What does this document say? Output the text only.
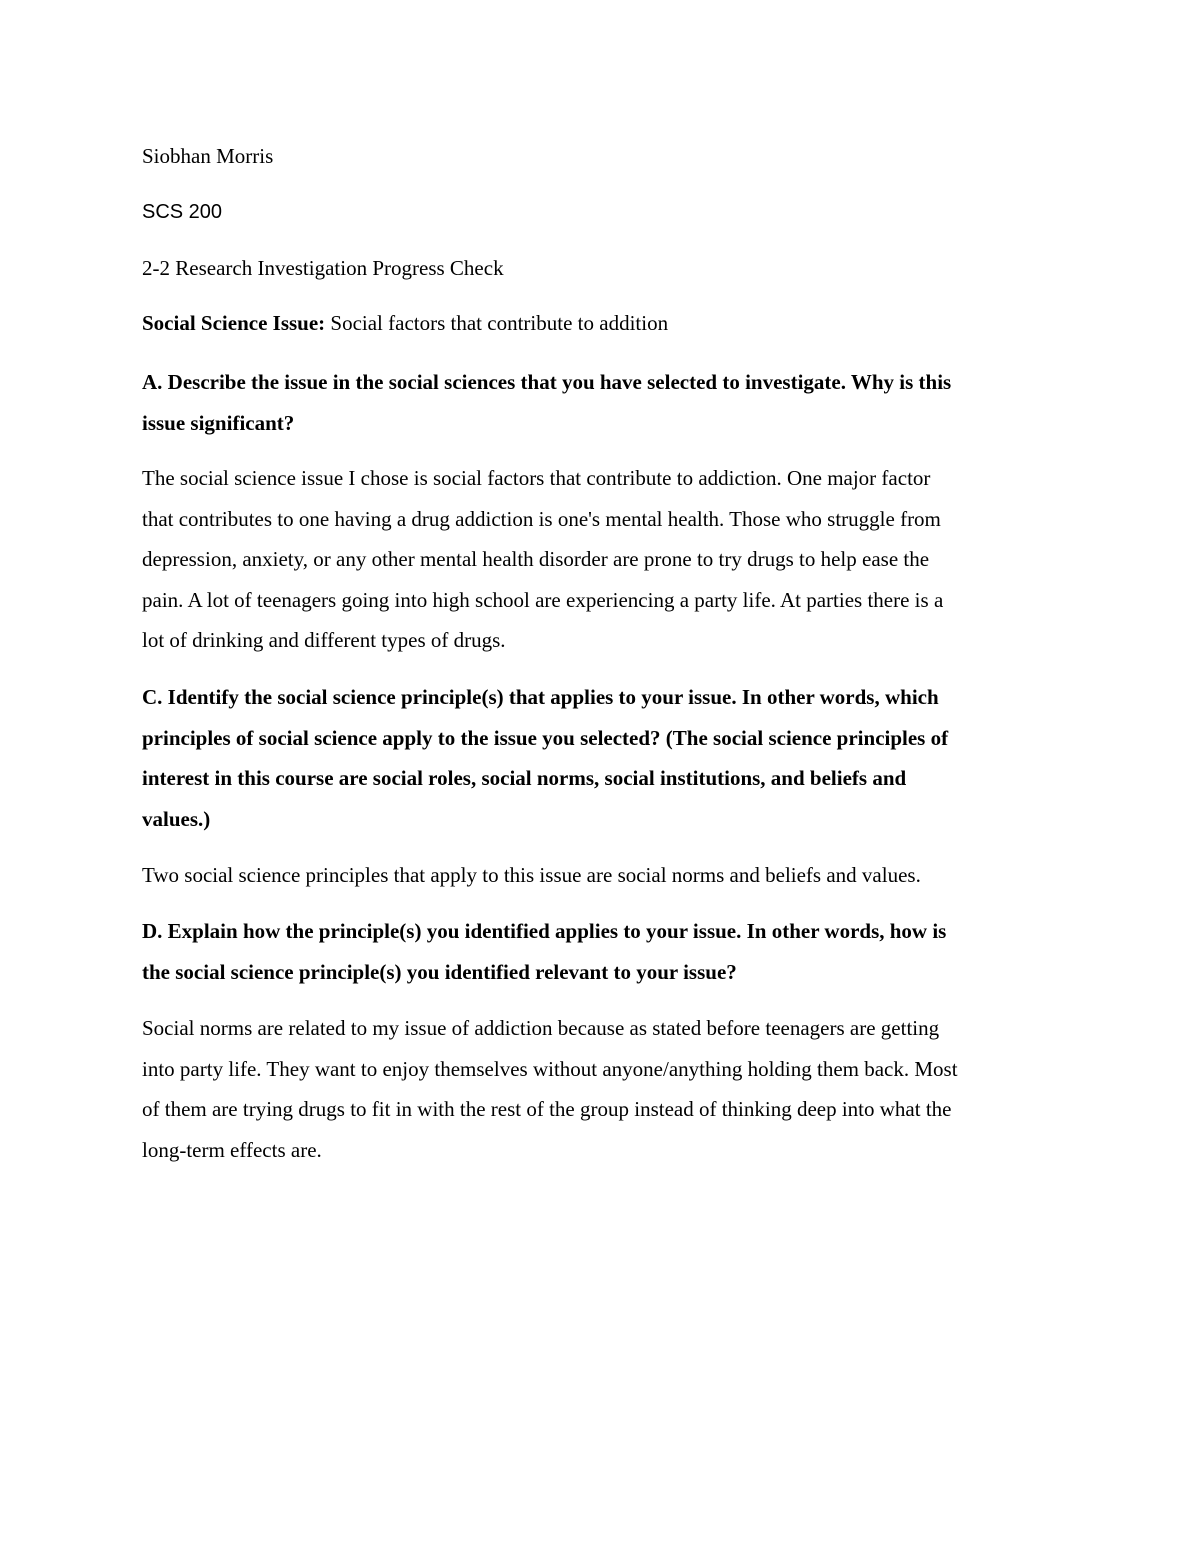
Siobhan Morris
SCS 200
2-2 Research Investigation Progress Check
Social Science Issue: Social factors that contribute to addition
A. Describe the issue in the social sciences that you have selected to investigate. Why is this
issue significant?
The social science issue I chose is social factors that contribute to addiction. One major factor
that contributes to one having a drug addiction is one's mental health. Those who struggle from
depression, anxiety, or any other mental health disorder are prone to try drugs to help ease the
pain. A lot of teenagers going into high school are experiencing a party life. At parties there is a
lot of drinking and different types of drugs.
C. Identify the social science principle(s) that applies to your issue. In other words, which
principles of social science apply to the issue you selected? (The social science principles of
interest in this course are social roles, social norms, social institutions, and beliefs and
values.)
Two social science principles that apply to this issue are social norms and beliefs and values.
D. Explain how the principle(s) you identified applies to your issue. In other words, how is
the social science principle(s) you identified relevant to your issue?
Social norms are related to my issue of addiction because as stated before teenagers are getting
into party life. They want to enjoy themselves without anyone/anything holding them back. Most
of them are trying drugs to fit in with the rest of the group instead of thinking deep into what the
long-term effects are.
